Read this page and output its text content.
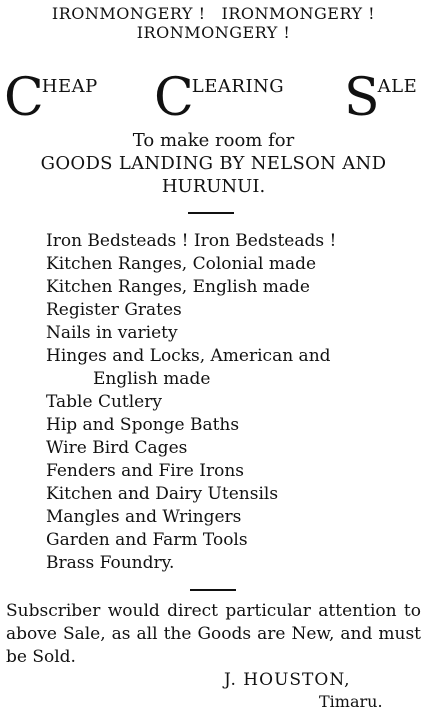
IRONMONGERY ! IRONMONGERY !
IRONMONGERY !
CHEAP CLEARING SALE
To make room for
GOODS LANDING BY NELSON AND
HURUNUI.
Iron Bedsteads ! Iron Bedsteads !
Kitchen Ranges, Colonial made
Kitchen Ranges, English made
Register Grates
Nails in variety
Hinges and Locks, American and
English made
Table Cutlery
Hip and Sponge Baths
Wire Bird Cages
Fenders and Fire Irons
Kitchen and Dairy Utensils
Mangles and Wringers
Garden and Farm Tools
Brass Foundry.
Subscriber would direct particular attention to above Sale, as all the Goods are New, and must be Sold.
J. HOUSTON,
Timaru.
